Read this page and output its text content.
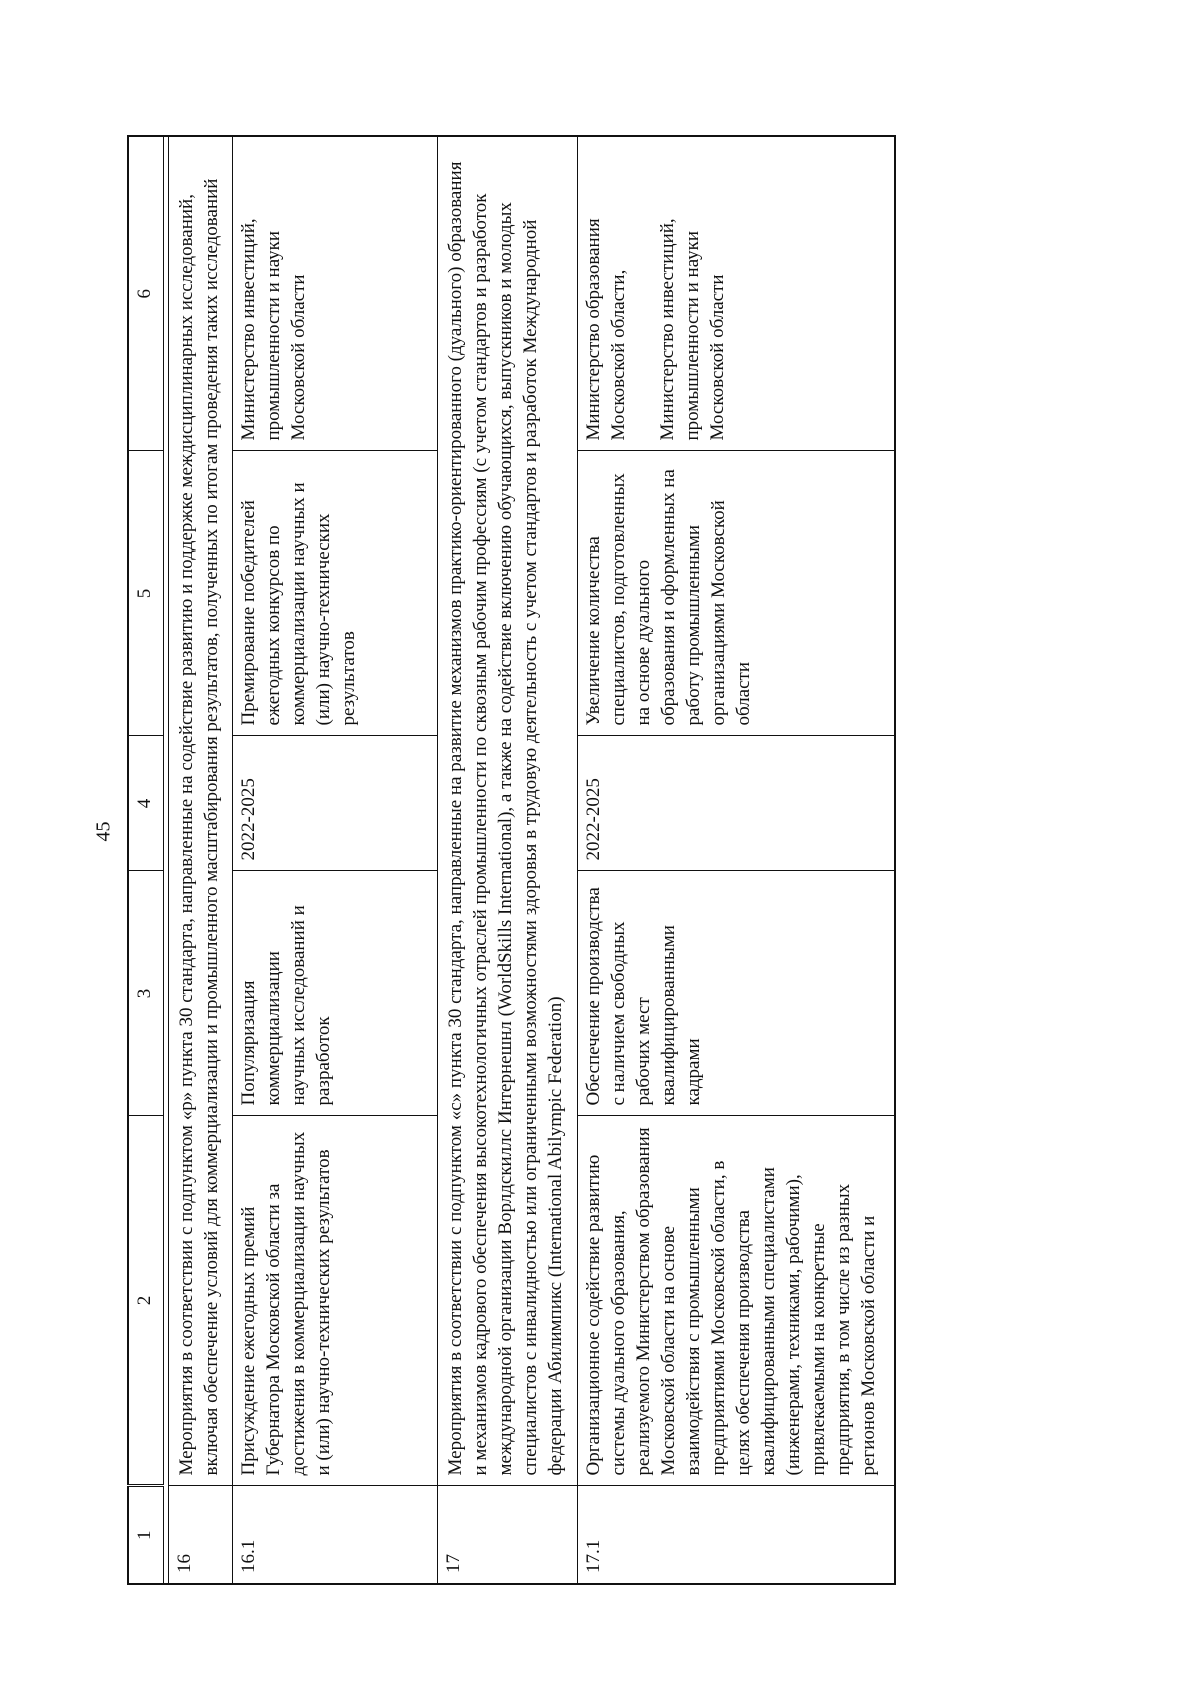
45
1	2	3	4	5	6

16	Мероприятия в соответствии с подпунктом «р» пункта 30 стандарта, направленные на содействие развитию и поддержке междисциплинарных исследований, включая обеспечение условий для коммерциализации и промышленного масштабирования результатов, полученных по итогам проведения таких исследований				
16.1	Присуждение ежегодных премий Губернатора Московской области за достижения в коммерциализации научных и (или) научно-технических результатов	Популяризация коммерциализации научных исследований и разработок	2022-2025	Премирование победителей ежегодных конкурсов по коммерциализации научных и (или) научно-технических результатов	Министерство инвестиций, промышленности и науки Московской области

17	Мероприятия в соответствии с подпунктом «с» пункта 30 стандарта, направленные на развитие механизмов практико-ориентированного (дуального) образования и механизмов кадрового обеспечения высокотехнологичных отраслей промышленности по сквозным рабочим профессиям (с учетом стандартов и разработок международной организации Ворлдскиллс Интернешнл (WorldSkills International), а также на содействие включению обучающихся, выпускников и молодых специалистов с инвалидностью или ограниченными возможностями здоровья в трудовую деятельность с учетом стандартов и разработок Международной федерации Абилимпикс (International Abilympic Federation)				
17.1	Организационное содействие развитию системы дуального образования, реализуемого Министерством образования Московской области на основе взаимодействия с промышленными предприятиями Московской области, в целях обеспечения производства квалифицированными специалистами (инженерами, техниками, рабочими), привлекаемыми на конкретные предприятия, в том числе из разных регионов Московской области и	Обеспечение производства с наличием свободных рабочих мест квалифицированными кадрами	2022-2025	Увеличение количества специалистов, подготовленных на основе дуального образования и оформленных на работу промышленными организациями Московской области	Министерство образования Московской области, Министерство инвестиций, промышленности и науки Московской области
